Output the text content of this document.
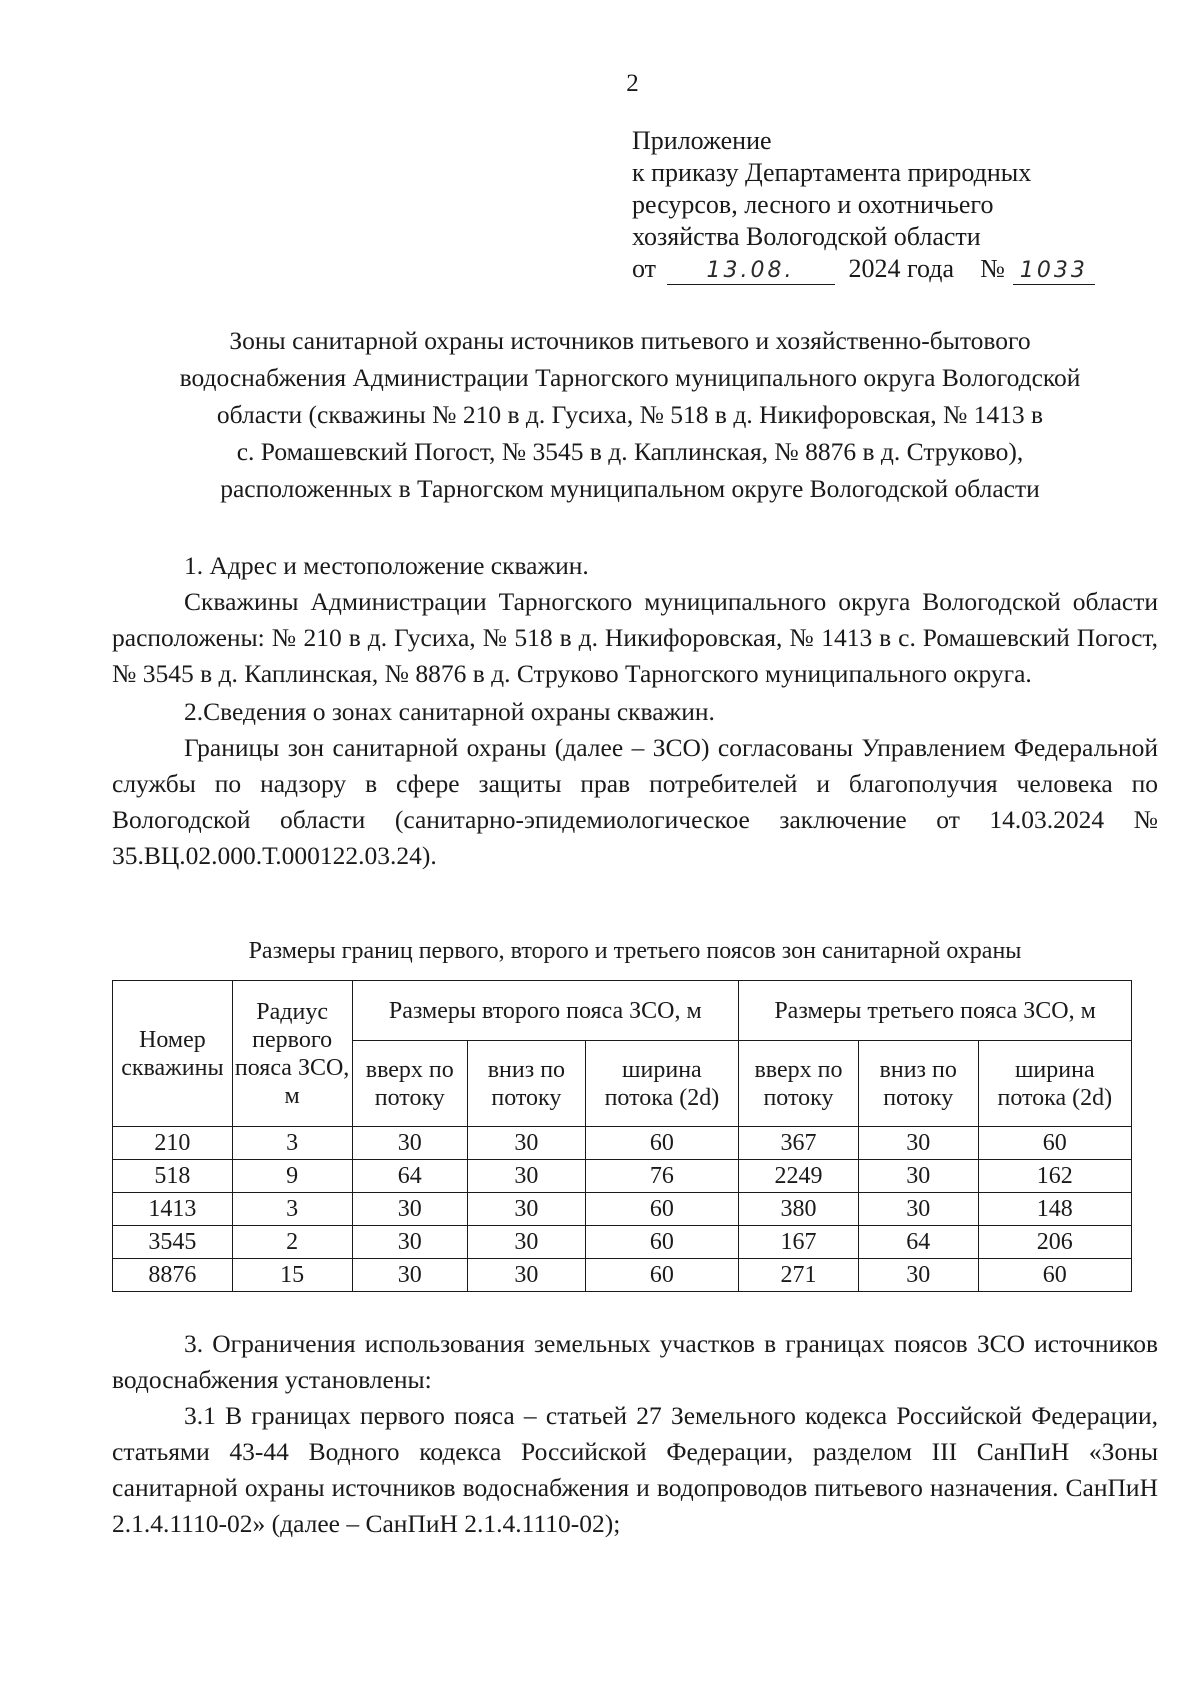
2
Приложение
к приказу Департамента природных
ресурсов, лесного и охотничьего
хозяйства Вологодской области
от 13.08. 2024 года № 1033
Зоны санитарной охраны источников питьевого и хозяйственно-бытового
водоснабжения Администрации Тарногского муниципального округа Вологодской
области (скважины № 210 в д. Гусиха, № 518 в д. Никифоровская, № 1413 в
с. Ромашевский Погост, № 3545 в д. Каплинская, № 8876 в д. Струково),
расположенных в Тарногском муниципальном округе Вологодской области

1. Адрес и местоположение скважин.

Скважины Администрации Тарногского муниципального округа Вологодской области расположены: № 210 в д. Гусиха, № 518 в д. Никифоровская, № 1413 в с. Ромашевский Погост, № 3545 в д. Каплинская, № 8876 в д. Струково Тарногского муниципального округа.

2.Сведения о зонах санитарной охраны скважин.

Границы зон санитарной охраны (далее – ЗСО) согласованы Управлением Федеральной службы по надзору в сфере защиты прав потребителей и благополучия человека по Вологодской области (санитарно-эпидемиологическое заключение от 14.03.2024 № 35.ВЦ.02.000.Т.000122.03.24).

Размеры границ первого, второго и третьего поясов зон санитарной охраны
Номер скважины	Радиус первого пояса ЗСО, м	Размеры второго пояса ЗСО, м			Размеры третьего пояса ЗСО, м		
		вверх по потоку	вниз по потоку	ширина потока (2d)	вверх по потоку	вниз по потоку	ширина потока (2d)
210	3	30	30	60	367	30	60
518	9	64	30	76	2249	30	162
1413	3	30	30	60	380	30	148
3545	2	30	30	60	167	64	206
8876	15	30	30	60	271	30	60

3. Ограничения использования земельных участков в границах поясов ЗСО источников водоснабжения установлены:

3.1 В границах первого пояса – статьей 27 Земельного кодекса Российской Федерации, статьями 43-44 Водного кодекса Российской Федерации, разделом III СанПиН «Зоны санитарной охраны источников водоснабжения и водопроводов питьевого назначения. СанПиН 2.1.4.1110-02» (далее – СанПиН 2.1.4.1110-02);
